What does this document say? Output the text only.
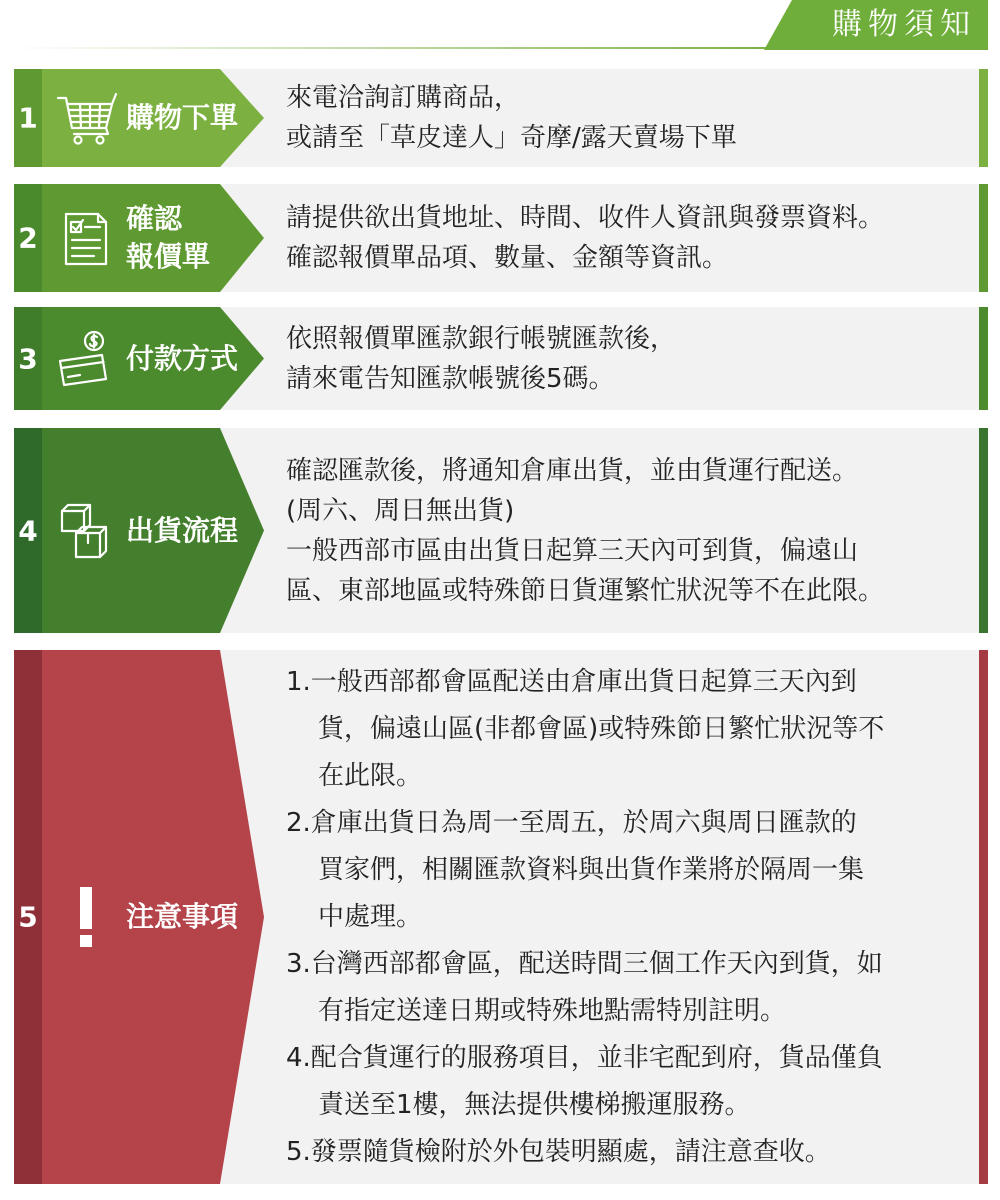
購物須知
1	購物下單

來電洽詢訂購商品，

或請至「草皮達人」奇摩/露天賣場下單

2
確認
報價單

請提供欲出貨地址、時間、收件人資訊與發票資料。

確認報價單品項、數量、金額等資訊。

3	付款方式

依照報價單匯款銀行帳號匯款後，

請來電告知匯款帳號後5碼。

4	出貨流程

確認匯款後，將通知倉庫出貨，並由貨運行配送。

(周六、周日無出貨)

一般西部市區由出貨日起算三天內可到貨，偏遠山

區、東部地區或特殊節日貨運繁忙狀況等不在此限。

5	注意事項

1.一般西部都會區配送由倉庫出貨日起算三天內到

貨，偏遠山區(非都會區)或特殊節日繁忙狀況等不

在此限。

2.倉庫出貨日為周一至周五，於周六與周日匯款的

買家們，相關匯款資料與出貨作業將於隔周一集

中處理。

3.台灣西部都會區，配送時間三個工作天內到貨，如

有指定送達日期或特殊地點需特別註明。

4.配合貨運行的服務項目，並非宅配到府，貨品僅負

責送至1樓，無法提供樓梯搬運服務。

5.發票隨貨檢附於外包裝明顯處，請注意查收。
